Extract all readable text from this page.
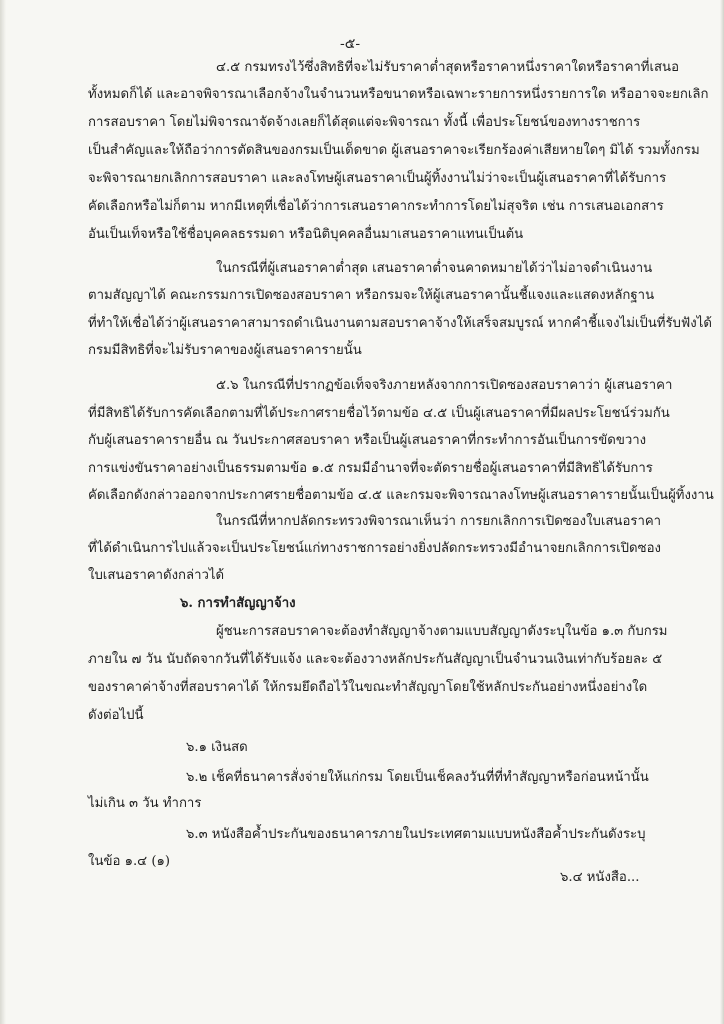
-๕-
๔.๕ กรมทรงไว้ซึ่งสิทธิที่จะไม่รับราคาต่ำสุดหรือราคาหนึ่งราคาใดหรือราคาที่เสนอ
ทั้งหมดก็ได้ และอาจพิจารณาเลือกจ้างในจำนวนหรือขนาดหรือเฉพาะรายการหนึ่งรายการใด หรืออาจจะยกเลิก
การสอบราคา โดยไม่พิจารณาจัดจ้างเลยก็ได้สุดแต่จะพิจารณา ทั้งนี้ เพื่อประโยชน์ของทางราชการ
เป็นสำคัญและให้ถือว่าการตัดสินของกรมเป็นเด็ดขาด ผู้เสนอราคาจะเรียกร้องค่าเสียหายใดๆ มิได้ รวมทั้งกรม
จะพิจารณายกเลิกการสอบราคา และลงโทษผู้เสนอราคาเป็นผู้ทิ้งงานไม่ว่าจะเป็นผู้เสนอราคาที่ได้รับการ
คัดเลือกหรือไม่ก็ตาม หากมีเหตุที่เชื่อได้ว่าการเสนอราคากระทำการโดยไม่สุจริต เช่น การเสนอเอกสาร
อันเป็นเท็จหรือใช้ชื่อบุคคลธรรมดา หรือนิติบุคคลอื่นมาเสนอราคาแทนเป็นต้น
ในกรณีที่ผู้เสนอราคาต่ำสุด เสนอราคาต่ำจนคาดหมายได้ว่าไม่อาจดำเนินงาน
ตามสัญญาได้ คณะกรรมการเปิดซองสอบราคา หรือกรมจะให้ผู้เสนอราคานั้นชี้แจงและแสดงหลักฐาน
ที่ทำให้เชื่อได้ว่าผู้เสนอราคาสามารถดำเนินงานตามสอบราคาจ้างให้เสร็จสมบูรณ์ หากคำชี้แจงไม่เป็นที่รับฟังได้
กรมมีสิทธิที่จะไม่รับราคาของผู้เสนอราคารายนั้น
๕.๖ ในกรณีที่ปรากฏข้อเท็จจริงภายหลังจากการเปิดซองสอบราคาว่า ผู้เสนอราคา
ที่มีสิทธิได้รับการคัดเลือกตามที่ได้ประกาศรายชื่อไว้ตามข้อ ๔.๕ เป็นผู้เสนอราคาที่มีผลประโยชน์ร่วมกัน
กับผู้เสนอราคารายอื่น ณ วันประกาศสอบราคา หรือเป็นผู้เสนอราคาที่กระทำการอันเป็นการขัดขวาง
การแข่งขันราคาอย่างเป็นธรรมตามข้อ ๑.๕ กรมมีอำนาจที่จะตัดรายชื่อผู้เสนอราคาที่มีสิทธิได้รับการ
คัดเลือกดังกล่าวออกจากประกาศรายชื่อตามข้อ ๔.๕ และกรมจะพิจารณาลงโทษผู้เสนอราคารายนั้นเป็นผู้ทิ้งงาน
ในกรณีที่หากปลัดกระทรวงพิจารณาเห็นว่า การยกเลิกการเปิดซองใบเสนอราคา
ที่ได้ดำเนินการไปแล้วจะเป็นประโยชน์แก่ทางราชการอย่างยิ่งปลัดกระทรวงมีอำนาจยกเลิกการเปิดซอง
ใบเสนอราคาดังกล่าวได้
๖. การทำสัญญาจ้าง
ผู้ชนะการสอบราคาจะต้องทำสัญญาจ้างตามแบบสัญญาดังระบุในข้อ ๑.๓ กับกรม
ภายใน ๗ วัน นับถัดจากวันที่ได้รับแจ้ง และจะต้องวางหลักประกันสัญญาเป็นจำนวนเงินเท่ากับร้อยละ ๕
ของราคาค่าจ้างที่สอบราคาได้ ให้กรมยึดถือไว้ในขณะทำสัญญาโดยใช้หลักประกันอย่างหนึ่งอย่างใด
ดังต่อไปนี้
๖.๑ เงินสด
๖.๒ เช็คที่ธนาคารสั่งจ่ายให้แก่กรม โดยเป็นเช็คลงวันที่ที่ทำสัญญาหรือก่อนหน้านั้น
ไม่เกิน ๓ วัน ทำการ
๖.๓ หนังสือค้ำประกันของธนาคารภายในประเทศตามแบบหนังสือค้ำประกันดังระบุ
ในข้อ ๑.๔ (๑)
๖.๔ หนังสือ...
